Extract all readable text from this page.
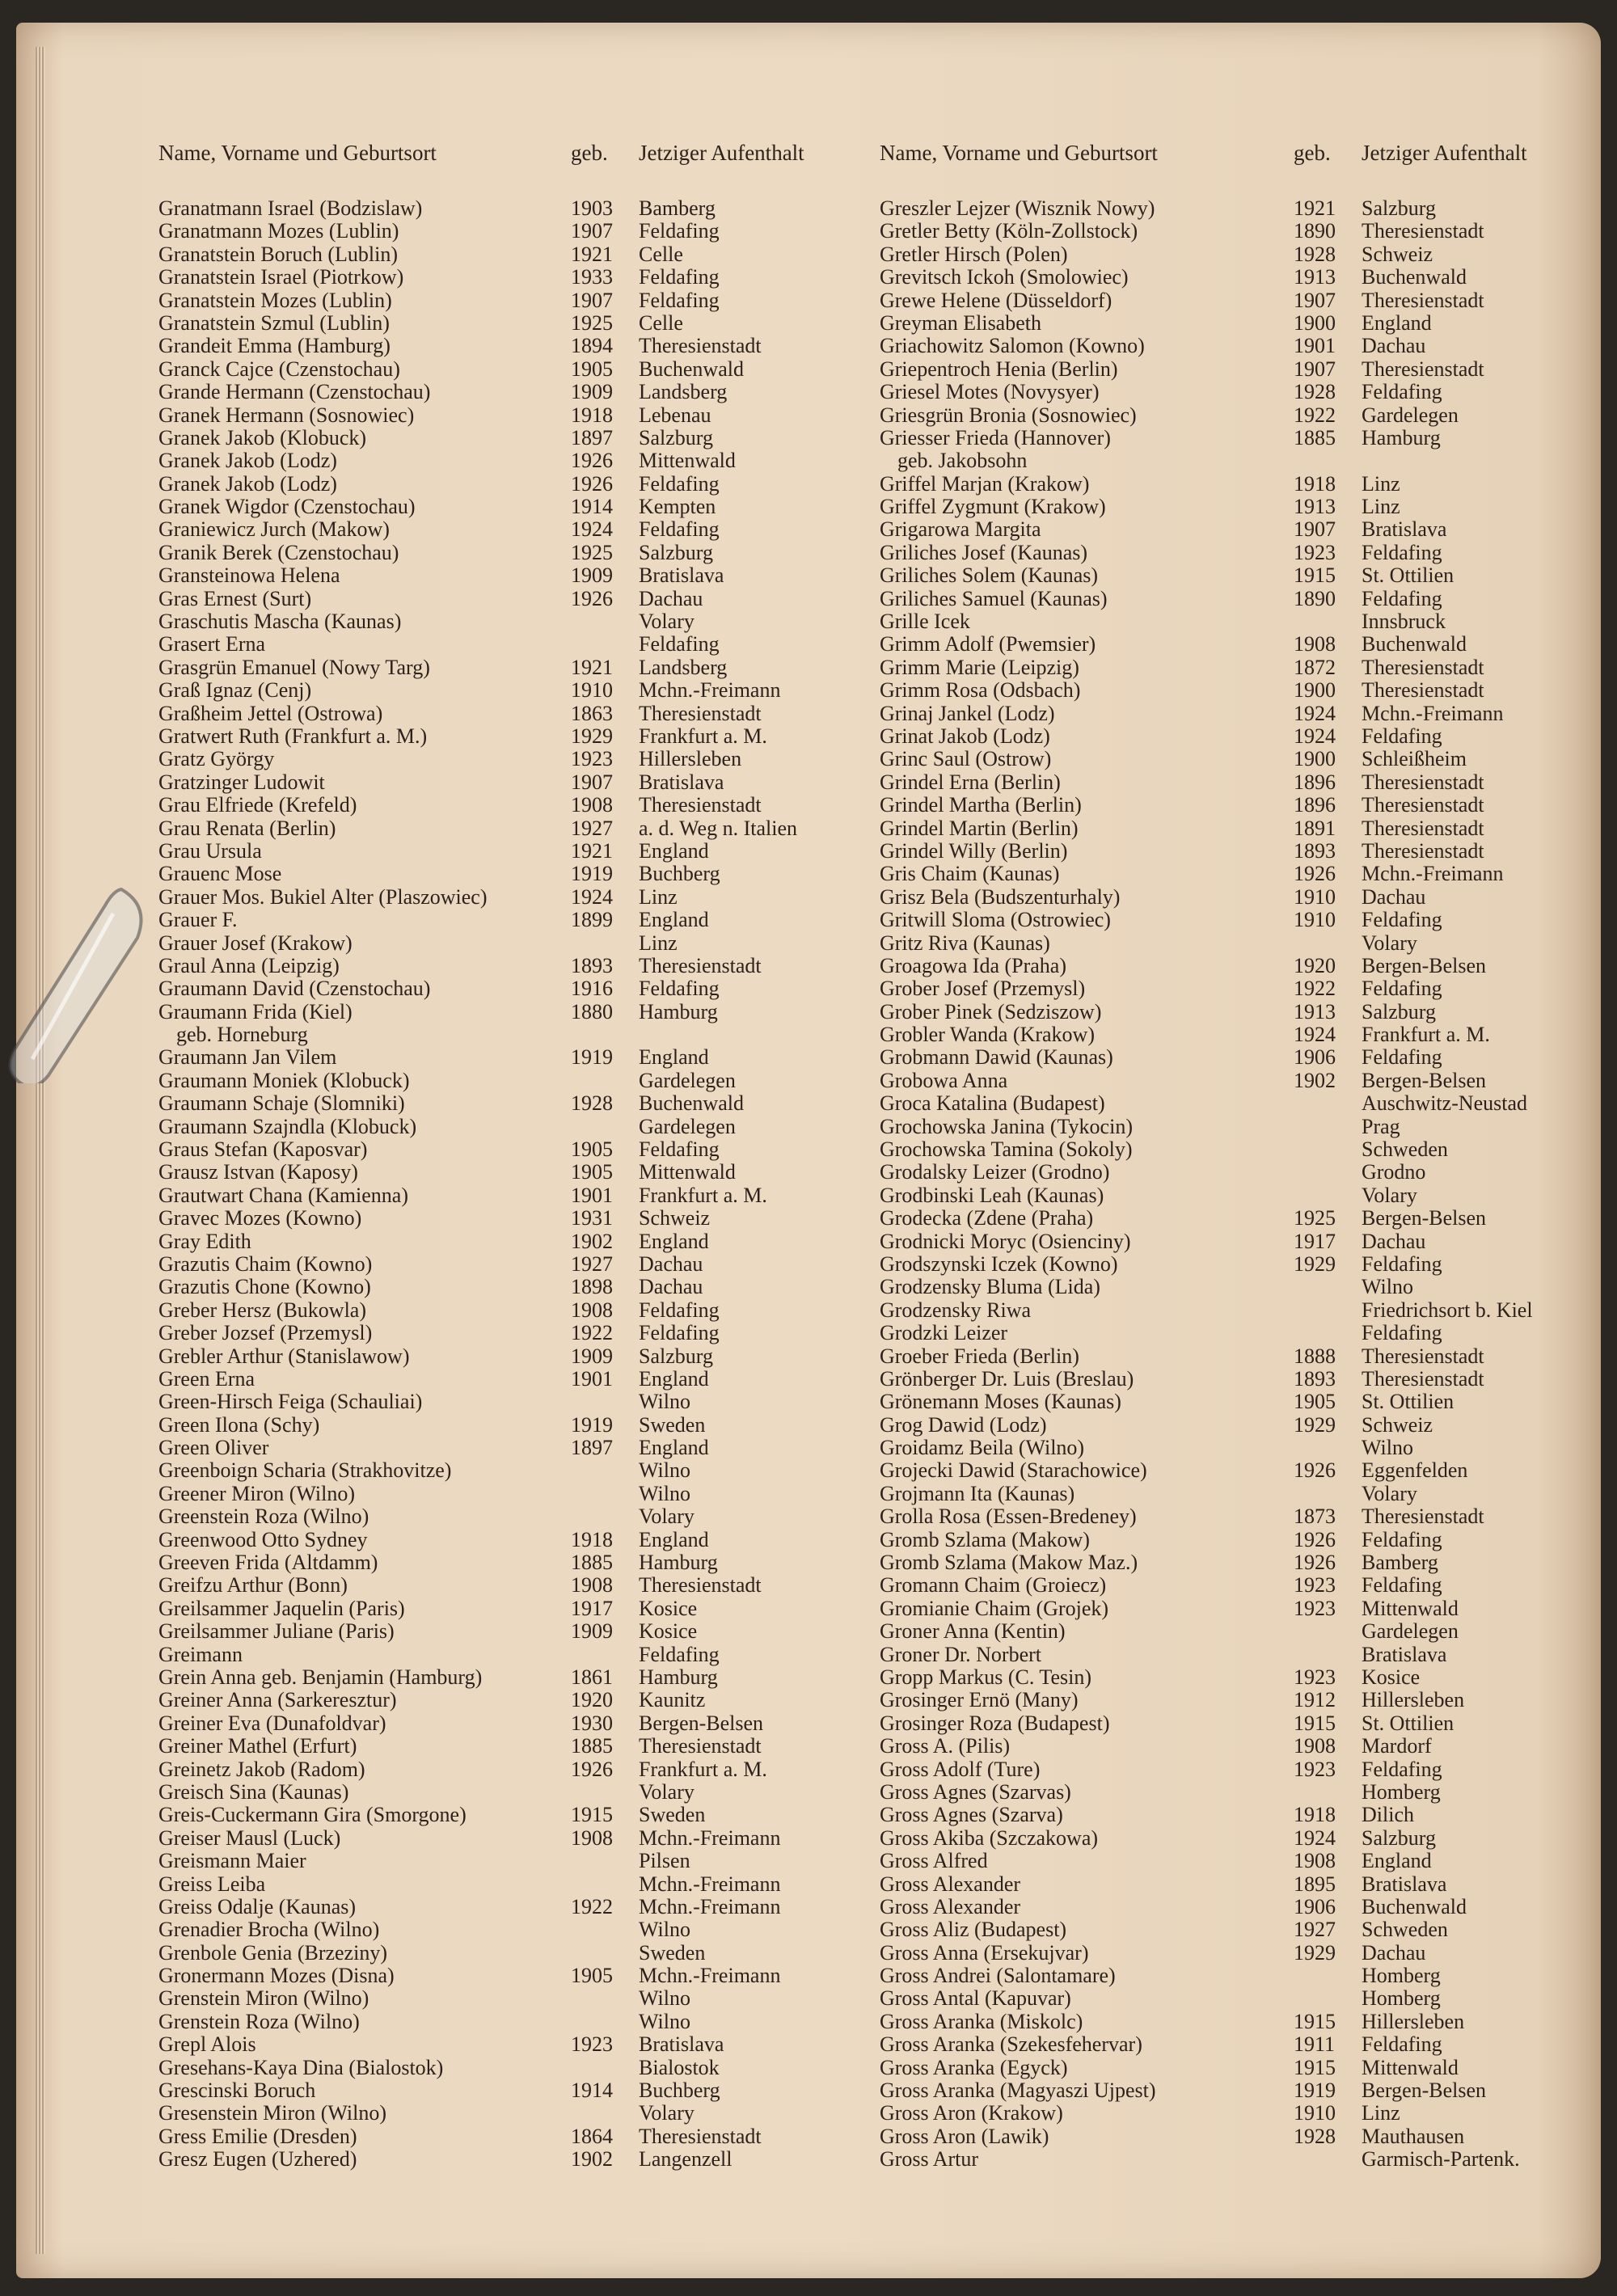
Name, Vorname und Geburtsort	geb. Jetziger Aufenthalt
Granatmann Israel (Bodzislaw)	1903 Bamberg
Granatmann Mozes (Lublin)	1907 Feldafing
Granatstein Boruch (Lublin)	1921 Celle
Granatstein Israel (Piotrkow)	1933 Feldafing
Granatstein Mozes (Lublin)	1907 Feldafing
Granatstein Szmul (Lublin)	1925 Celle
Grandeit Emma (Hamburg)	1894 Theresienstadt
Granck Cajce (Czenstochau)	1905 Buchenwald
Grande Hermann (Czenstochau)	1909 Landsberg
Granek Hermann (Sosnowiec)	1918 Lebenau
Granek Jakob (Klobuck)	1897 Salzburg
Granek Jakob (Lodz)	1926 Mittenwald
Granek Jakob (Lodz)	1926 Feldafing
Granek Wigdor (Czenstochau)	1914 Kempten
Graniewicz Jurch (Makow)	1924 Feldafing
Granik Berek (Czenstochau)	1925 Salzburg
Gransteinowa Helena	1909 Bratislava
Gras Ernest (Surt)	1926 Dachau
Graschutis Mascha (Kaunas)	Volary
Grasert Erna	Feldafing
Grasgrün Emanuel (Nowy Targ)	1921 Landsberg
Graß Ignaz (Cenj)	1910 Mchn.-Freimann
Graßheim Jettel (Ostrowa)	1863 Theresienstadt
Gratwert Ruth (Frankfurt a. M.)	1929 Frankfurt a. M.
Gratz György	1923 Hillersleben
Gratzinger Ludowit	1907 Bratislava
Grau Elfriede (Krefeld)	1908 Theresienstadt
Grau Renata (Berlin)	1927 a. d. Weg n. Italien
Grau Ursula	1921 England
Grauenc Mose	1919 Buchberg
Grauer Mos. Bukiel Alter (Plaszowiec)	1924 Linz
Grauer F.	1899 England
Grauer Josef (Krakow)	Linz
Graul Anna (Leipzig)	1893 Theresienstadt
Graumann David (Czenstochau)	1916 Feldafing
Graumann Frida (Kiel)	1880 Hamburg
geb. Horneburg
Graumann Jan Vilem	1919 England
Graumann Moniek (Klobuck)	Gardelegen
Graumann Schaje (Slomniki)	1928 Buchenwald
Graumann Szajndla (Klobuck)	Gardelegen
Graus Stefan (Kaposvar)	1905 Feldafing
Grausz Istvan (Kaposy)	1905 Mittenwald
Grautwart Chana (Kamienna)	1901 Frankfurt a. M.
Gravec Mozes (Kowno)	1931 Schweiz
Gray Edith	1902 England
Grazutis Chaim (Kowno)	1927 Dachau
Grazutis Chone (Kowno)	1898 Dachau
Greber Hersz (Bukowla)	1908 Feldafing
Greber Jozsef (Przemysl)	1922 Feldafing
Grebler Arthur (Stanislawow)	1909 Salzburg
Green Erna	1901 England
Green-Hirsch Feiga (Schauliai)	Wilno
Green Ilona (Schy)	1919 Sweden
Green Oliver	1897 England
Greenboign Scharia (Strakhovitze)	Wilno
Greener Miron (Wilno)	Wilno
Greenstein Roza (Wilno)	Volary
Greenwood Otto Sydney	1918 England
Greeven Frida (Altdamm)	1885 Hamburg
Greifzu Arthur (Bonn)	1908 Theresienstadt
Greilsammer Jaquelin (Paris)	1917 Kosice
Greilsammer Juliane (Paris)	1909 Kosice
Greimann	Feldafing
Grein Anna geb. Benjamin (Hamburg)	1861 Hamburg
Greiner Anna (Sarkeresztur)	1920 Kaunitz
Greiner Eva (Dunafoldvar)	1930 Bergen-Belsen
Greiner Mathel (Erfurt)	1885 Theresienstadt
Greinetz Jakob (Radom)	1926 Frankfurt a. M.
Greisch Sina (Kaunas)	Volary
Greis-Cuckermann Gira (Smorgone)	1915 Sweden
Greiser Mausl (Luck)	1908 Mchn.-Freimann
Greismann Maier	Pilsen
Greiss Leiba	Mchn.-Freimann
Greiss Odalje (Kaunas)	1922 Mchn.-Freimann
Grenadier Brocha (Wilno)	Wilno
Grenbole Genia (Brzeziny)	Sweden
Gronermann Mozes (Disna)	1905 Mchn.-Freimann
Grenstein Miron (Wilno)	Wilno
Grenstein Roza (Wilno)	Wilno
Grepl Alois	1923 Bratislava
Gresehans-Kaya Dina (Bialostok)	Bialostok
Grescinski Boruch	1914 Buchberg
Gresenstein Miron (Wilno)	Volary
Gress Emilie (Dresden)	1864 Theresienstadt
Gresz Eugen (Uzhered)	1902 Langenzell
Name, Vorname und Geburtsort	geb. Jetziger Aufenthalt
Greszler Lejzer (Wisznik Nowy)	1921 Salzburg
Gretler Betty (Köln-Zollstock)	1890 Theresienstadt
Gretler Hirsch (Polen)	1928 Schweiz
Grevitsch Ickoh (Smolowiec)	1913 Buchenwald
Grewe Helene (Düsseldorf)	1907 Theresienstadt
Greyman Elisabeth	1900 England
Griachowitz Salomon (Kowno)	1901 Dachau
Griepentroch Henia (Berlin)	1907 Theresienstadt
Griesel Motes (Novysyer)	1928 Feldafing
Griesgrün Bronia (Sosnowiec)	1922 Gardelegen
Griesser Frieda (Hannover)	1885 Hamburg
geb. Jakobsohn
Griffel Marjan (Krakow)	1918 Linz
Griffel Zygmunt (Krakow)	1913 Linz
Grigarowa Margita	1907 Bratislava
Griliches Josef (Kaunas)	1923 Feldafing
Griliches Solem (Kaunas)	1915 St. Ottilien
Griliches Samuel (Kaunas)	1890 Feldafing
Grille Icek	Innsbruck
Grimm Adolf (Pwemsier)	1908 Buchenwald
Grimm Marie (Leipzig)	1872 Theresienstadt
Grimm Rosa (Odsbach)	1900 Theresienstadt
Grinaj Jankel (Lodz)	1924 Mchn.-Freimann
Grinat Jakob (Lodz)	1924 Feldafing
Grinc Saul (Ostrow)	1900 Schleißheim
Grindel Erna (Berlin)	1896 Theresienstadt
Grindel Martha (Berlin)	1896 Theresienstadt
Grindel Martin (Berlin)	1891 Theresienstadt
Grindel Willy (Berlin)	1893 Theresienstadt
Gris Chaim (Kaunas)	1926 Mchn.-Freimann
Grisz Bela (Budszenturhaly)	1910 Dachau
Gritwill Sloma (Ostrowiec)	1910 Feldafing
Gritz Riva (Kaunas)	Volary
Groagowa Ida (Praha)	1920 Bergen-Belsen
Grober Josef (Przemysl)	1922 Feldafing
Grober Pinek (Sedziszow)	1913 Salzburg
Grobler Wanda (Krakow)	1924 Frankfurt a. M.
Grobmann Dawid (Kaunas)	1906 Feldafing
Grobowa Anna	1902 Bergen-Belsen
Groca Katalina (Budapest)	Auschwitz-Neustad
Grochowska Janina (Tykocin)	Prag
Grochowska Tamina (Sokoly)	Schweden
Grodalsky Leizer (Grodno)	Grodno
Grodbinski Leah (Kaunas)	Volary
Grodecka (Zdene (Praha)	1925 Bergen-Belsen
Grodnicki Moryc (Osienciny)	1917 Dachau
Grodszynski Iczek (Kowno)	1929 Feldafing
Grodzensky Bluma (Lida)	Wilno
Grodzensky Riwa	Friedrichsort b. Kiel
Grodzki Leizer	Feldafing
Groeber Frieda (Berlin)	1888 Theresienstadt
Grönberger Dr. Luis (Breslau)	1893 Theresienstadt
Grönemann Moses (Kaunas)	1905 St. Ottilien
Grog Dawid (Lodz)	1929 Schweiz
Groidamz Beila (Wilno)	Wilno
Grojecki Dawid (Starachowice)	1926 Eggenfelden
Grojmann Ita (Kaunas)	Volary
Grolla Rosa (Essen-Bredeney)	1873 Theresienstadt
Gromb Szlama (Makow)	1926 Feldafing
Gromb Szlama (Makow Maz.)	1926 Bamberg
Gromann Chaim (Groiecz)	1923 Feldafing
Gromianie Chaim (Grojek)	1923 Mittenwald
Groner Anna (Kentin)	Gardelegen
Groner Dr. Norbert	Bratislava
Gropp Markus (C. Tesin)	1923 Kosice
Grosinger Ernö (Many)	1912 Hillersleben
Grosinger Roza (Budapest)	1915 St. Ottilien
Gross A. (Pilis)	1908 Mardorf
Gross Adolf (Ture)	1923 Feldafing
Gross Agnes (Szarvas)	Homberg
Gross Agnes (Szarva)	1918 Dilich
Gross Akiba (Szczakowa)	1924 Salzburg
Gross Alfred	1908 England
Gross Alexander	1895 Bratislava
Gross Alexander	1906 Buchenwald
Gross Aliz (Budapest)	1927 Schweden
Gross Anna (Ersekujvar)	1929 Dachau
Gross Andrei (Salontamare)	Homberg
Gross Antal (Kapuvar)	Homberg
Gross Aranka (Miskolc)	1915 Hillersleben
Gross Aranka (Szekesfehervar)	1911 Feldafing
Gross Aranka (Egyck)	1915 Mittenwald
Gross Aranka (Magyaszi Ujpest)	1919 Bergen-Belsen
Gross Aron (Krakow)	1910 Linz
Gross Aron (Lawik)	1928 Mauthausen
Gross Artur	Garmisch-Partenk.
